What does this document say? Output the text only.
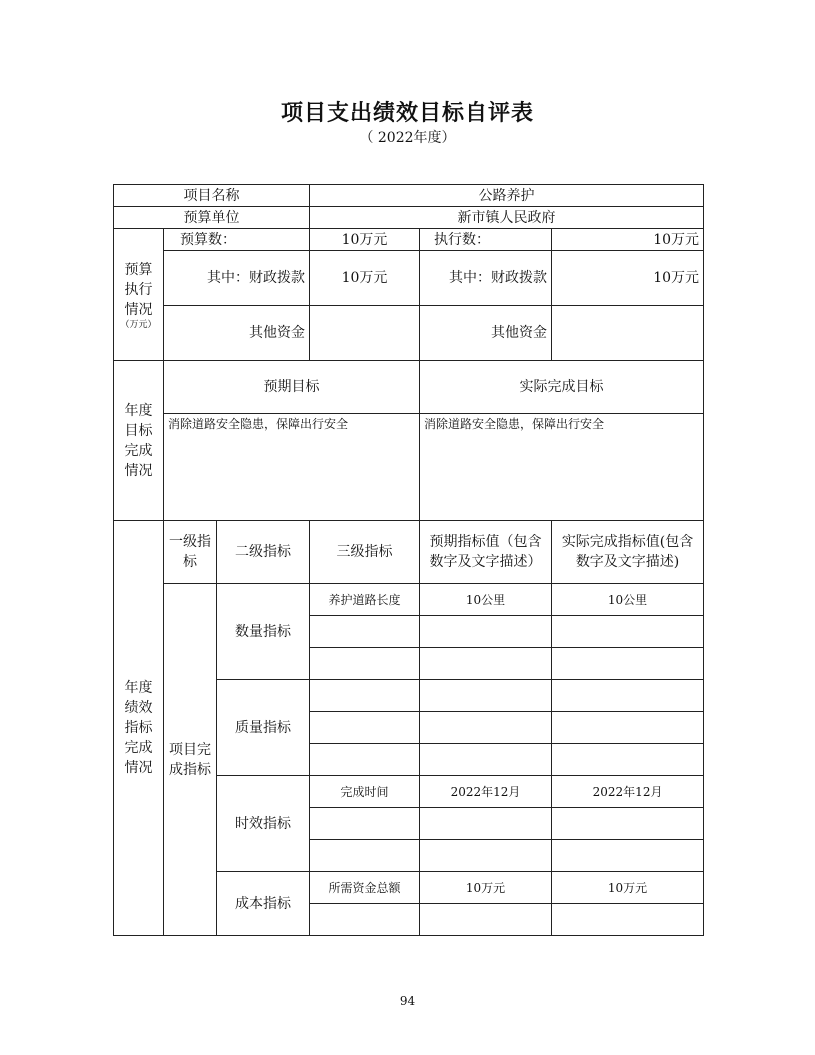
项目支出绩效目标自评表
（ 2022年度）
项目名称			公路养护		
预算单位			新市镇人民政府		
预算执行情况
（万元）	预算数：		10万元	执行数：	10万元
	其中：财政拨款		10万元	其中：财政拨款	10万元
	其他资金			其他资金	
年度目标完成情况	预期目标			实际完成目标	
	消除道路安全隐患，保障出行安全			消除道路安全隐患，保障出行安全	
年度绩效指标完成情况	一级指标	二级指标	三级指标	预期指标值（包含数字及文字描述）	实际完成指标值(包含数字及文字描述)
	项目完成指标	数量指标	养护道路长度	10公里	10公里

		质量指标			

		时效指标	完成时间	2022年12月	2022年12月

		成本指标	所需资金总额	10万元	10万元

94
